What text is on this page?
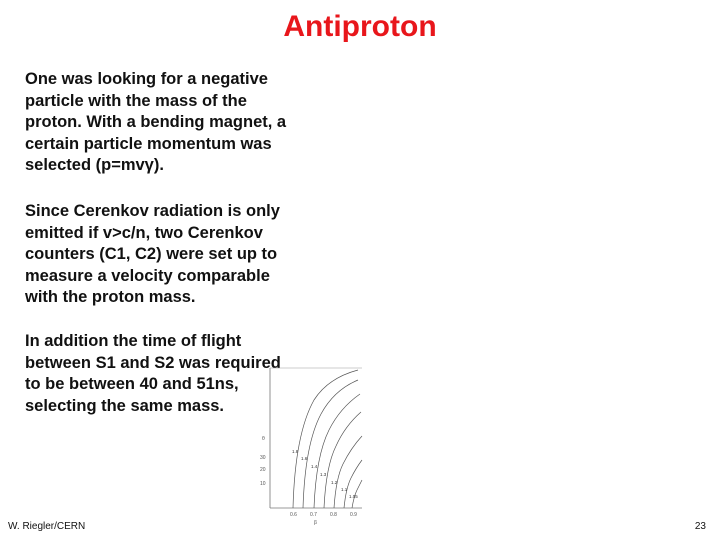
Antiproton
One was looking for a negative
particle with the mass of the
proton. With a bending magnet, a
certain particle momentum was
selected (p=mvγ).
Since Cerenkov radiation is only
emitted if v>c/n, two Cerenkov
counters (C1, C2) were set up to
measure a velocity comparable
with the proton mass.
In addition the time of flight
between S1 and S2 was required
to be between 40 and 51ns,
selecting the same mass.
θ
30
20
10
0.6	0.7	0.8	0.9
β
1.8
1.6
1.4
1.3
1.2
1.1
1.05
W. Riegler/CERN	23
